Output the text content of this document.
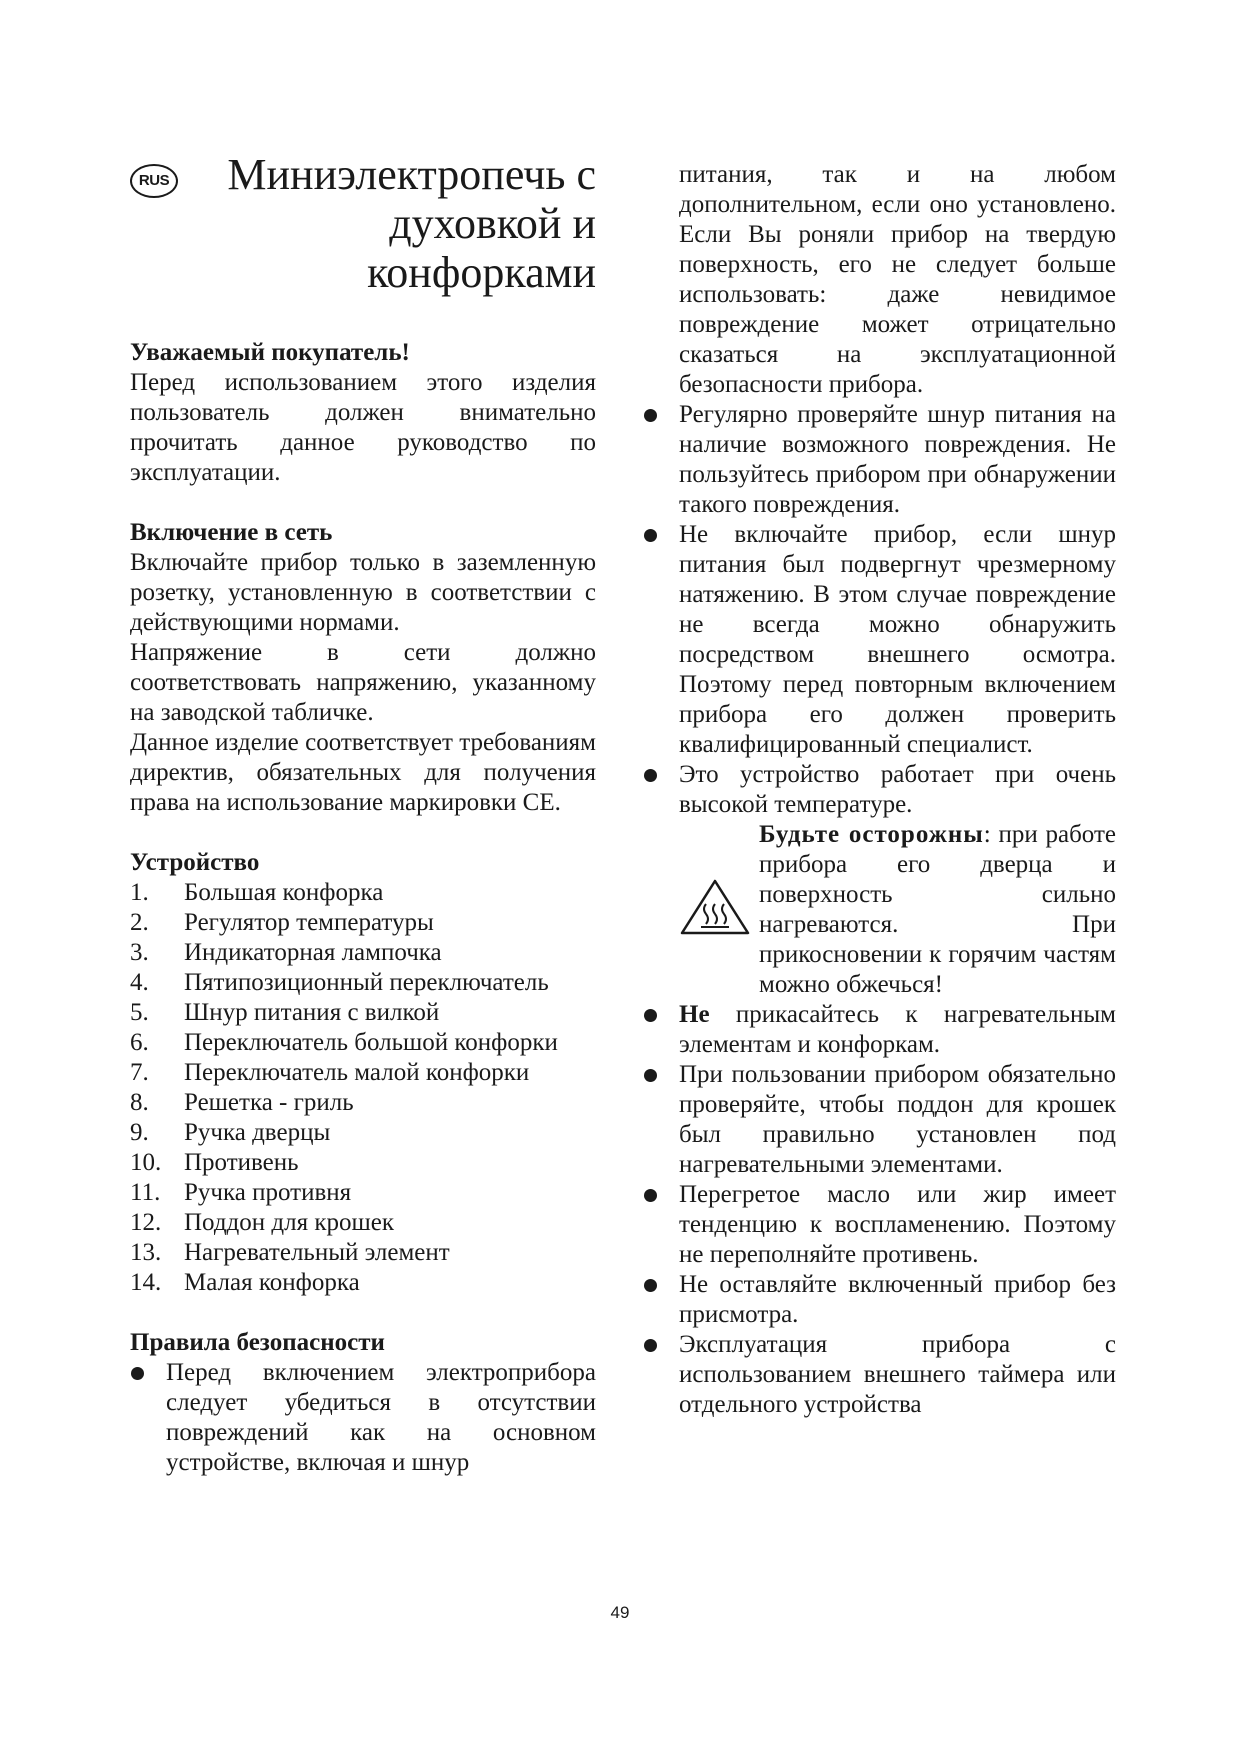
RUS	Миниэлектропечь с
духовкой и
конфорками
Уважаемый покупатель!

Перед использованием этого изделия пользователь должен внимательно прочитать данное руководство по эксплуатации.

Включение в сеть

Включайте прибор только в заземленную розетку, установленную в соответствии с действующими нормами.

Напряжение в сети должно соответствовать напряжению, указанному на заводской табличке.

Данное изделие соответствует требованиям директив, обязательных для получения права на использование маркировки CE.

Устройство
1.	Большая конфорка
2.	Регулятор температуры
3.	Индикаторная лампочка
4.	Пятипозиционный переключатель
5.	Шнур питания с вилкой
6.	Переключатель большой конфорки
7.	Переключатель малой конфорки
8.	Решетка - гриль
9.	Ручка дверцы
10. Противень
11. Ручка противня
12. Поддон для крошек
13. Нагревательный элемент
14. Малая конфорка
Правила безопасности
Перед включением электроприбора следует убедиться в отсутствии повреждений как на основном устройстве, включая и шнур

питания, так и на любом дополнительном, если оно установлено. Если Вы роняли прибор на твердую поверхность, его не следует больше использовать: даже невидимое повреждение может отрицательно сказаться на эксплуатационной безопасности прибора.

Регулярно проверяйте шнур питания на наличие возможного повреждения. Не пользуйтесь прибором при обнаружении такого повреждения.
Не включайте прибор, если шнур питания был подвергнут чрезмерному натяжению. В этом случае повреждение не всегда можно обнаружить посредством внешнего осмотра. Поэтому перед повторным включением прибора его должен проверить квалифицированный специалист.
Это устройство работает при очень высокой температуре.

Будьте осторожны: при работе прибора его дверца и поверхность сильно нагреваются. При прикосновении к горячим частям можно обжечься!

Не прикасайтесь к нагревательным элементам и конфоркам.
При пользовании прибором обязательно проверяйте, чтобы поддон для крошек был правильно установлен под нагревательными элементами.
Перегретое масло или жир имеет тенденцию к воспламенению. Поэтому не переполняйте противень.
Не оставляйте включенный прибор без присмотра.
Эксплуатация прибора с использованием внешнего таймера или отдельного устройства
49
